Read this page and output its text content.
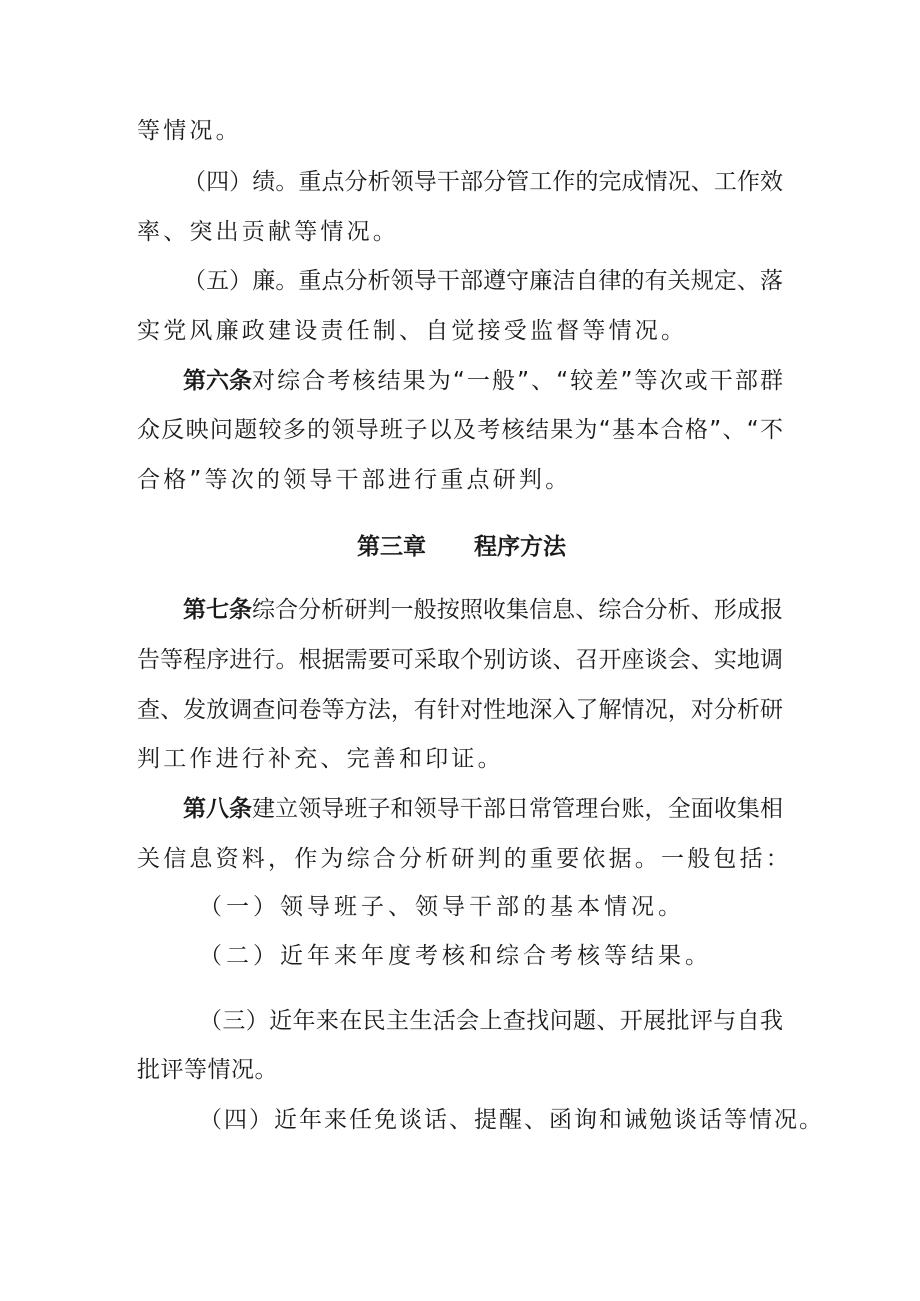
等情况。
（四）绩。重点分析领导干部分管工作的完成情况、工作效
率、突出贡献等情况。
（五）廉。重点分析领导干部遵守廉洁自律的有关规定、落
实党风廉政建设责任制、自觉接受监督等情况。
第六条 对综合考核结果为“一般”、“较差”等次或干部群
众反映问题较多的领导班子以及考核结果为“基本合格”、“不
合格”等次的领导干部进行重点研判。
第三章 程序方法
第七条 综合分析研判一般按照收集信息、综合分析、形成报
告等程序进行。根据需要可采取个别访谈、召开座谈会、实地调
查、发放调查问卷等方法，有针对性地深入了解情况，对分析研
判工作进行补充、完善和印证。
第八条 建立领导班子和领导干部日常管理台账，全面收集相
关信息资料，作为综合分析研判的重要依据。一般包括：
（一）领导班子、领导干部的基本情况。
（二）近年来年度考核和综合考核等结果。
（三）近年来在民主生活会上查找问题、开展批评与自我
批评等情况。
（四）近年来任免谈话、提醒、函询和诫勉谈话等情况。
